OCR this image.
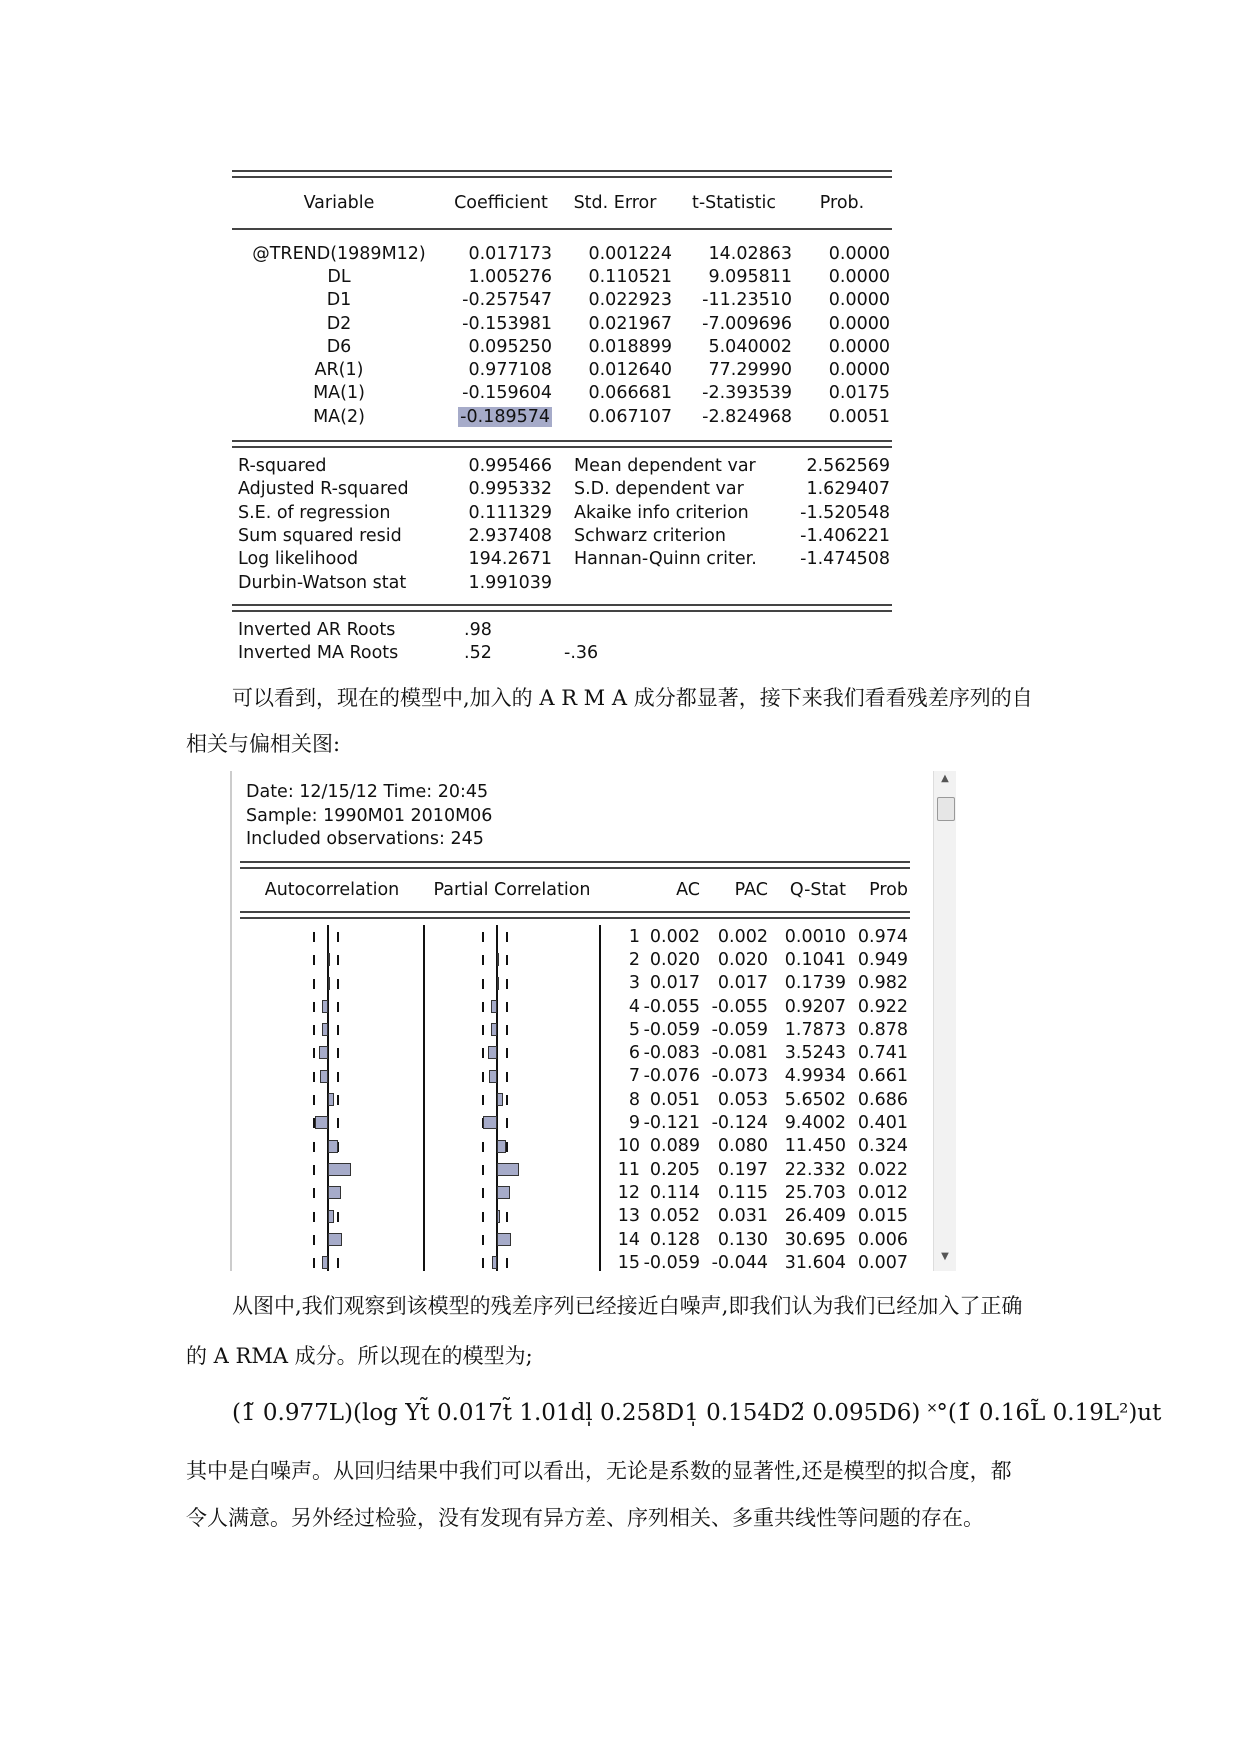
Variable	Coefficient	Std. Error	t-Statistic	Prob.
@TREND(1989M12)	0.017173	0.001224	14.02863	0.0000
DL	1.005276	0.110521	9.095811	0.0000
D1	-0.257547	0.022923	-11.23510	0.0000
D2	-0.153981	0.021967	-7.009696	0.0000
D6	0.095250	0.018899	5.040002	0.0000
AR(1)	0.977108	0.012640	77.29990	0.0000
MA(1)	-0.159604	0.066681	-2.393539	0.0175
MA(2)	-0.189574	0.067107	-2.824968	0.0051
R-squared	0.995466	Mean dependent var	2.562569
Adjusted R-squared	0.995332	S.D. dependent var	1.629407
S.E. of regression	0.111329	Akaike info criterion	-1.520548
Sum squared resid	2.937408	Schwarz criterion	-1.406221
Log likelihood	194.2671	Hannan-Quinn criter.	-1.474508
Durbin-Watson stat	1.991039
Inverted AR Roots	.98
Inverted MA Roots	.52	-.36
可以看到，现在的模型中,加入的 A R M A 成分都显著，接下来我们看看残差序列的自
相关与偏相关图:
Date: 12/15/12 Time: 20:45
Sample: 1990M01 2010M06
Included observations: 245
Autocorrelation	Partial Correlation	AC	PAC	Q-Stat	Prob
1 0.002	0.002 0.0010 0.974
2 0.020	0.020 0.1041 0.949
3 0.017	0.017 0.1739 0.982
4 -0.055 -0.055 0.9207 0.922
5 -0.059 -0.059 1.7873 0.878
6 -0.083 -0.081 3.5243 0.741
7 -0.076 -0.073 4.9934 0.661
8 0.051	0.053 5.6502 0.686
9 -0.121 -0.124 9.4002 0.401
10 0.089	0.080 11.450 0.324
11 0.205	0.197 22.332 0.022
12 0.114	0.115 25.703 0.012
13 0.052	0.031 26.409 0.015
14 0.128	0.130 30.695 0.006
15 -0.059 -0.044 31.604 0.007
▲
▼
从图中,我们观察到该模型的残差序列已经接近白噪声,即我们认为我们已经加入了正确
的 A RMA 成分。所以现在的模型为;
(1̃ 0.977L)(log Yt̃ 0.017t̃ 1.01dl̩ 0.258D1̩ 0.154D2̃ 0.095D6) ˟°(1̃ 0.16L̃ 0.19L²)ut
其中是白噪声。从回归结果中我们可以看出，无论是系数的显著性,还是模型的拟合度，都
令人满意。另外经过检验，没有发现有异方差、序列相关、多重共线性等问题的存在。
